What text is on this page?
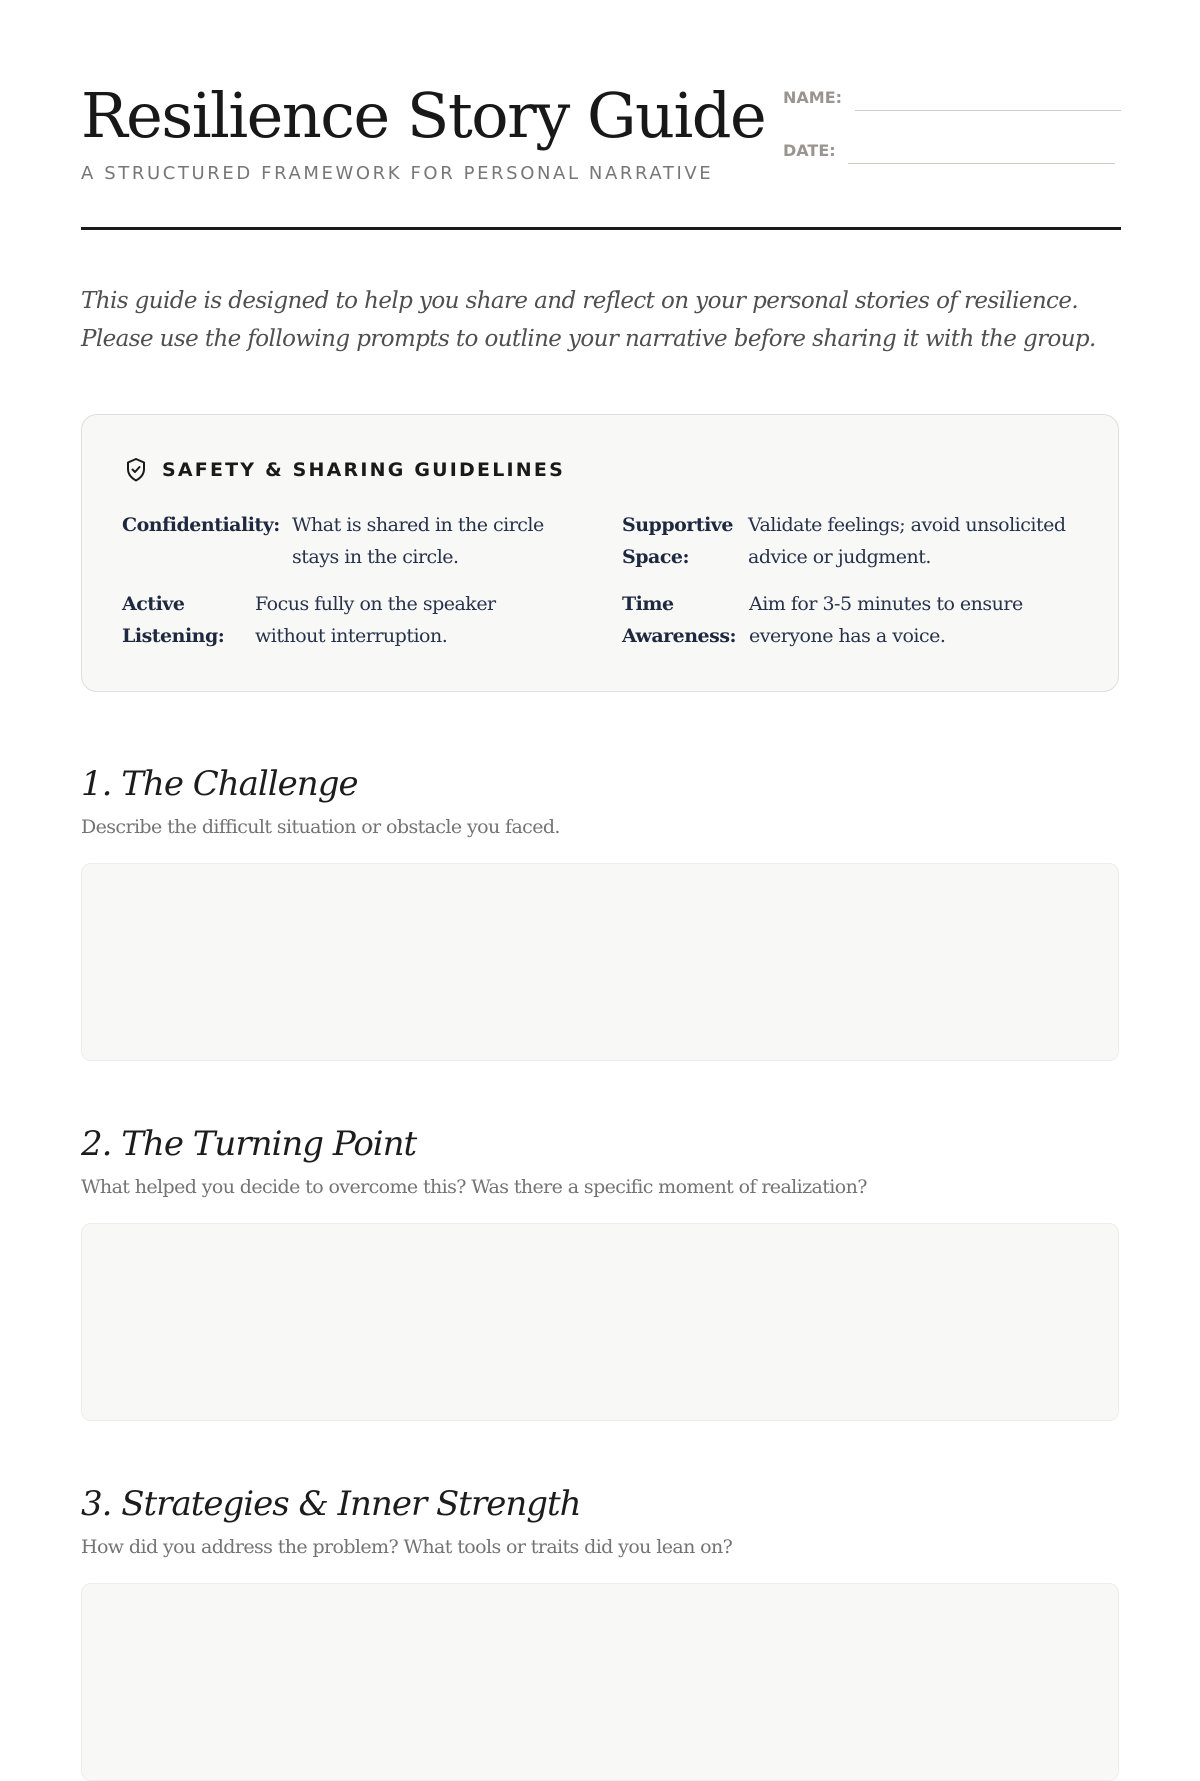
Resilience Story Guide
A STRUCTURED FRAMEWORK FOR PERSONAL NARRATIVE
NAME:
DATE:

This guide is designed to help you share and reflect on your personal stories of resilience. Please use the following prompts to outline your narrative before sharing it with the group.

SAFETY & SHARING GUIDELINES
Confidentiality: What is shared in the circle stays in the circle.
Supportive Space:
Validate feelings; avoid unsolicited advice or judgment.
Active Listening:
Focus fully on the speaker without interruption.
Time Awareness:
Aim for 3-5 minutes to ensure everyone has a voice.
1. The Challenge
Describe the difficult situation or obstacle you faced.
2. The Turning Point
What helped you decide to overcome this? Was there a specific moment of realization?
3. Strategies & Inner Strength
How did you address the problem? What tools or traits did you lean on?
